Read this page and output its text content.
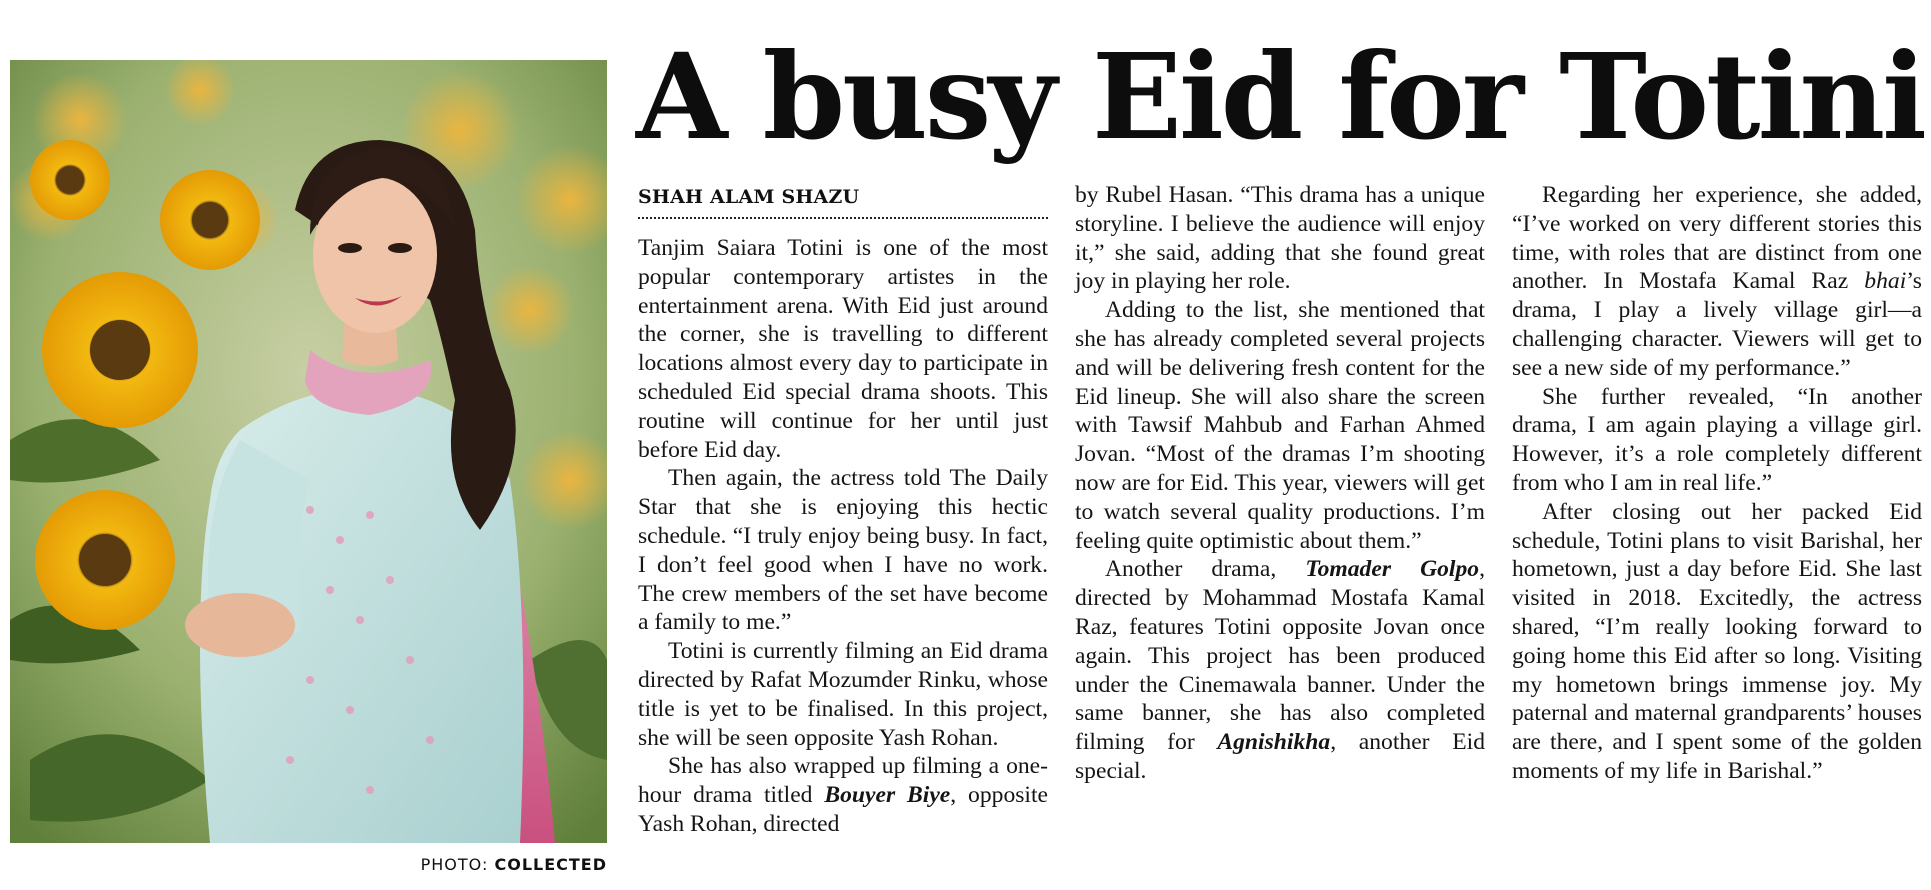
PHOTO: COLLECTED
A busy Eid for Totini
SHAH ALAM SHAZU

Tanjim Saiara Totini is one of the most popular contemporary artistes in the entertainment arena. With Eid just around the corner, she is travelling to different locations almost every day to participate in scheduled Eid special drama shoots. This routine will continue for her until just before Eid day.

Then again, the actress told The Daily Star that she is enjoying this hectic schedule. “I truly enjoy being busy. In fact, I don’t feel good when I have no work. The crew members of the set have become a family to me.”

Totini is currently filming an Eid drama directed by Rafat Mozumder Rinku, whose title is yet to be finalised. In this project, she will be seen opposite Yash Rohan.

She has also wrapped up filming a one-hour drama titled Bouyer Biye, opposite Yash Rohan, directed

by Rubel Hasan. “This drama has a unique storyline. I believe the audience will enjoy it,” she said, adding that she found great joy in playing her role.

Adding to the list, she mentioned that she has already completed several projects and will be delivering fresh content for the Eid lineup. She will also share the screen with Tawsif Mahbub and Farhan Ahmed Jovan. “Most of the dramas I’m shooting now are for Eid. This year, viewers will get to watch several quality productions. I’m feeling quite optimistic about them.”

Another drama, Tomader Golpo, directed by Mohammad Mostafa Kamal Raz, features Totini opposite Jovan once again. This project has been produced under the Cinemawala banner. Under the same banner, she has also completed filming for Agnishikha, another Eid special.

Regarding her experience, she added, “I’ve worked on very different stories this time, with roles that are distinct from one another. In Mostafa Kamal Raz bhai’s drama, I play a lively village girl—a challenging character. Viewers will get to see a new side of my performance.”

She further revealed, “In another drama, I am again playing a village girl. However, it’s a role completely different from who I am in real life.”

After closing out her packed Eid schedule, Totini plans to visit Barishal, her hometown, just a day before Eid. She last visited in 2018. Excitedly, the actress shared, “I’m really looking forward to going home this Eid after so long. Visiting my hometown brings immense joy. My paternal and maternal grandparents’ houses are there, and I spent some of the golden moments of my life in Barishal.”
